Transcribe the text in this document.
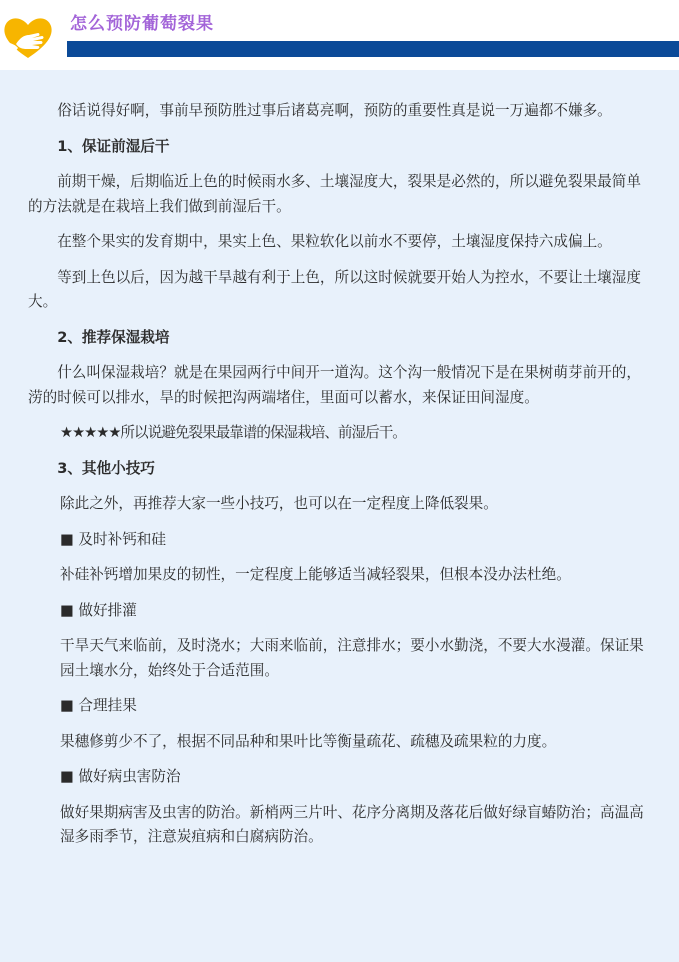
怎么预防葡萄裂果

俗话说得好啊，事前早预防胜过事后诸葛亮啊，预防的重要性真是说一万遍都不嫌多。

1、保证前湿后干

前期干燥，后期临近上色的时候雨水多、土壤湿度大，裂果是必然的，所以避免裂果最简单的方法就是在栽培上我们做到前湿后干。

在整个果实的发育期中，果实上色、果粒软化以前水不要停，土壤湿度保持六成偏上。

等到上色以后，因为越干旱越有利于上色，所以这时候就要开始人为控水，不要让土壤湿度大。

2、推荐保湿栽培

什么叫保湿栽培？就是在果园两行中间开一道沟。这个沟一般情况下是在果树萌芽前开的，涝的时候可以排水，旱的时候把沟两端堵住，里面可以蓄水，来保证田间湿度。

★★★★★所以说避免裂果最靠谱的保湿栽培、前湿后干。

3、其他小技巧

除此之外，再推荐大家一些小技巧，也可以在一定程度上降低裂果。

■ 及时补钙和硅

补硅补钙增加果皮的韧性，一定程度上能够适当减轻裂果，但根本没办法杜绝。

■ 做好排灌

干旱天气来临前，及时浇水；大雨来临前，注意排水；要小水勤浇，不要大水漫灌。保证果园土壤水分，始终处于合适范围。

■ 合理挂果

果穗修剪少不了，根据不同品种和果叶比等衡量疏花、疏穗及疏果粒的力度。

■ 做好病虫害防治

做好果期病害及虫害的防治。新梢两三片叶、花序分离期及落花后做好绿盲蝽防治；高温高湿多雨季节，注意炭疽病和白腐病防治。
